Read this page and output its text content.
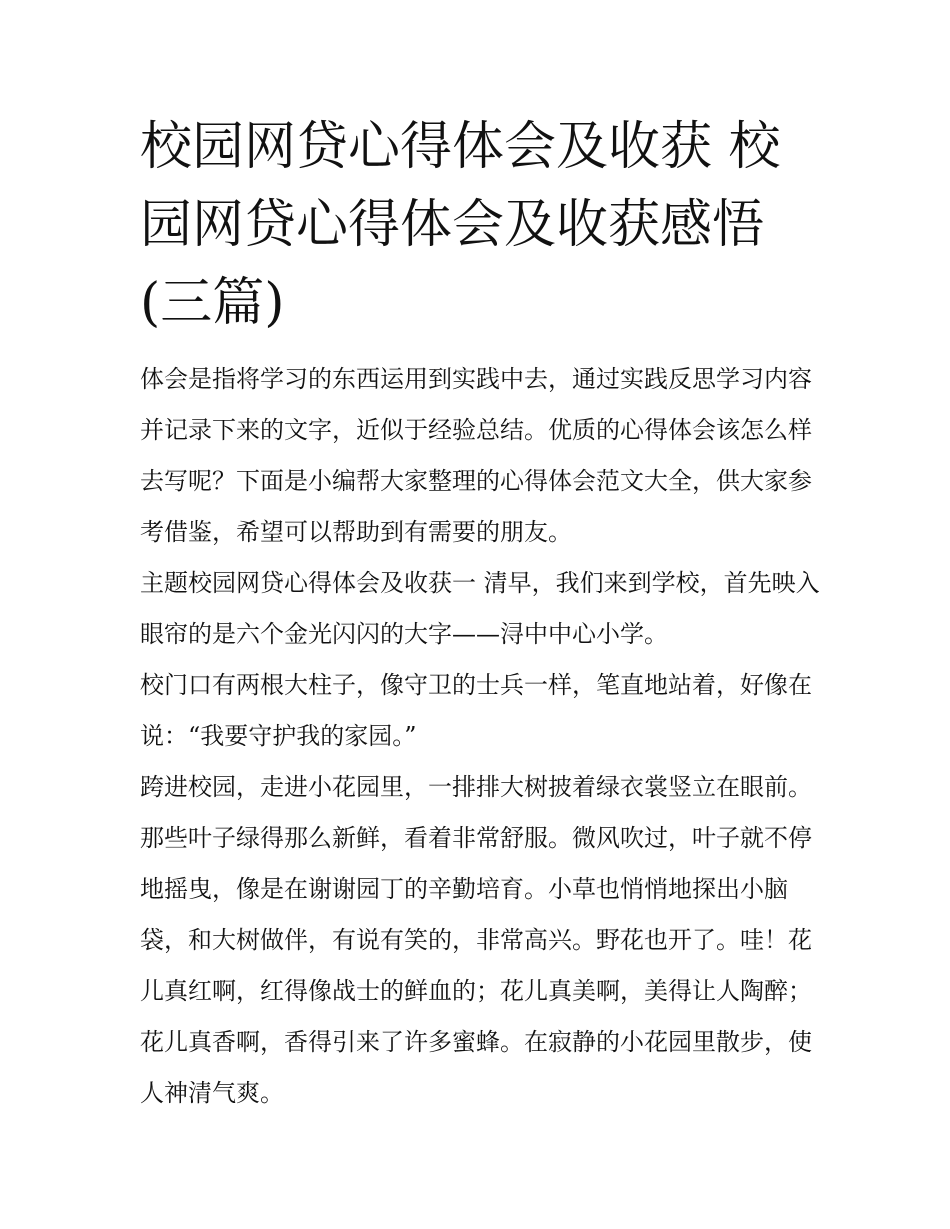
校园网贷心得体会及收获 校园网贷心得体会及收获感悟(三篇)

体会是指将学习的东西运用到实践中去，通过实践反思学习内容并记录下来的文字，近似于经验总结。优质的心得体会该怎么样去写呢？下面是小编帮大家整理的心得体会范文大全，供大家参考借鉴，希望可以帮助到有需要的朋友。

主题校园网贷心得体会及收获一 清早，我们来到学校，首先映入眼帘的是六个金光闪闪的大字——浔中中心小学。

校门口有两根大柱子，像守卫的士兵一样，笔直地站着，好像在说：“我要守护我的家园。”

跨进校园，走进小花园里，一排排大树披着绿衣裳竖立在眼前。那些叶子绿得那么新鲜，看着非常舒服。微风吹过，叶子就不停地摇曳，像是在谢谢园丁的辛勤培育。小草也悄悄地探出小脑袋，和大树做伴，有说有笑的，非常高兴。野花也开了。哇！花儿真红啊，红得像战士的鲜血的；花儿真美啊，美得让人陶醉；花儿真香啊，香得引来了许多蜜蜂。在寂静的小花园里散步，使人神清气爽。
